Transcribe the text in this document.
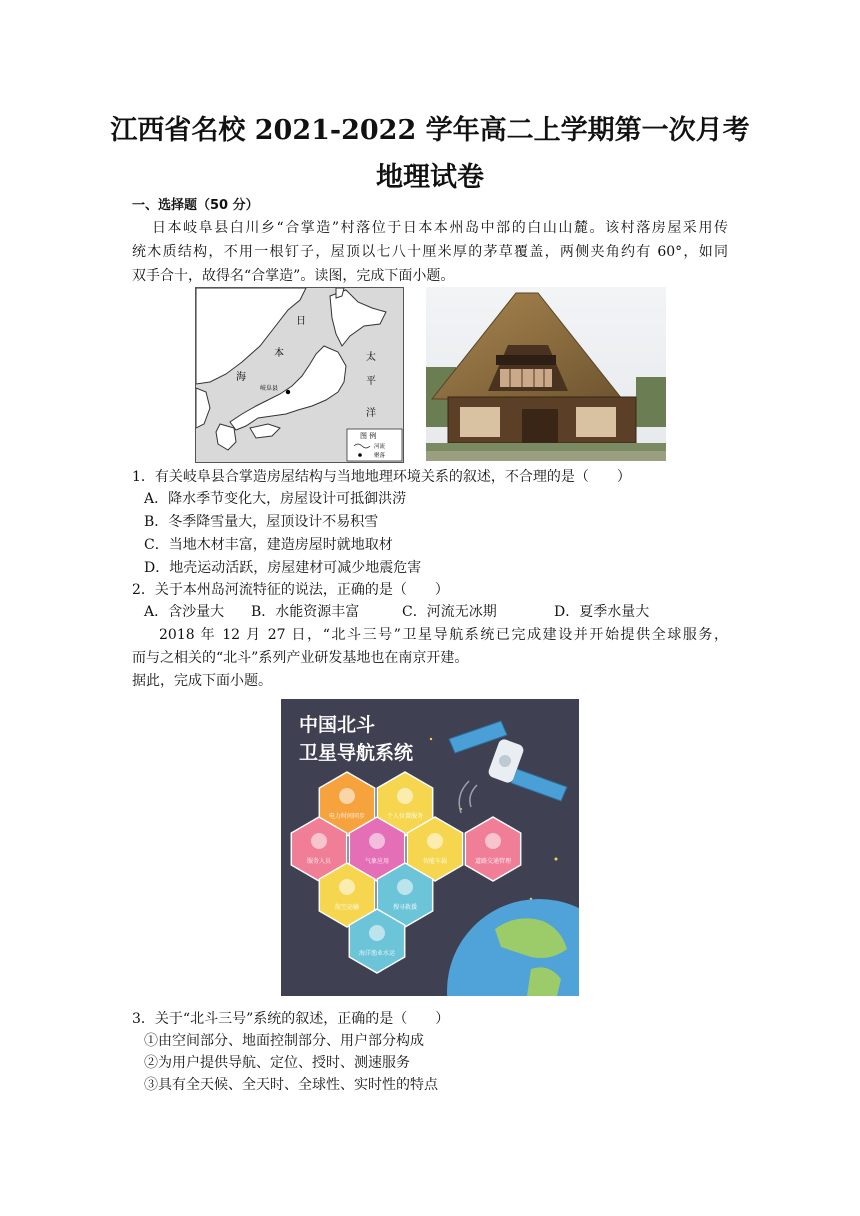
江西省名校 2021-2022 学年高二上学期第一次月考
地理试卷
一、选择题（50 分）
日本岐阜县白川乡“合掌造”村落位于日本本州岛中部的白山山麓。该村落房屋采用传
统木质结构，不用一根钉子，屋顶以七八十厘米厚的茅草覆盖，两侧夹角约有 60°，如同
双手合十，故得名“合掌造”。读图，完成下面小题。
日
本
海
太
平
洋
岐阜县
图 例
河流
聚落
1．有关岐阜县合掌造房屋结构与当地地理环境关系的叙述，不合理的是（　　）
A．降水季节变化大，房屋设计可抵御洪涝
B．冬季降雪量大，屋顶设计不易积雪
C．当地木材丰富，建造房屋时就地取材
D．地壳运动活跃，房屋建材可减少地震危害
2．关于本州岛河流特征的说法，正确的是（　　）
A．含沙量大 B．水能资源丰富	C．河流无冰期	D．夏季水量大
2018 年 12 月 27 日，“北斗三号”卫星导航系统已完成建设并开始提供全球服务，
而与之相关的“北斗”系列产业研发基地也在南京开建。
据此，完成下面小题。
中国北斗
卫星导航系统
电力时间同步	个人位置服务
服务人员	气象应用	智能车载	道路交通管理
航空运输	搜寻救援
海洋渔业水运
3．关于“北斗三号”系统的叙述，正确的是（　　）
①由空间部分、地面控制部分、用户部分构成
②为用户提供导航、定位、授时、测速服务
③具有全天候、全天时、全球性、实时性的特点
